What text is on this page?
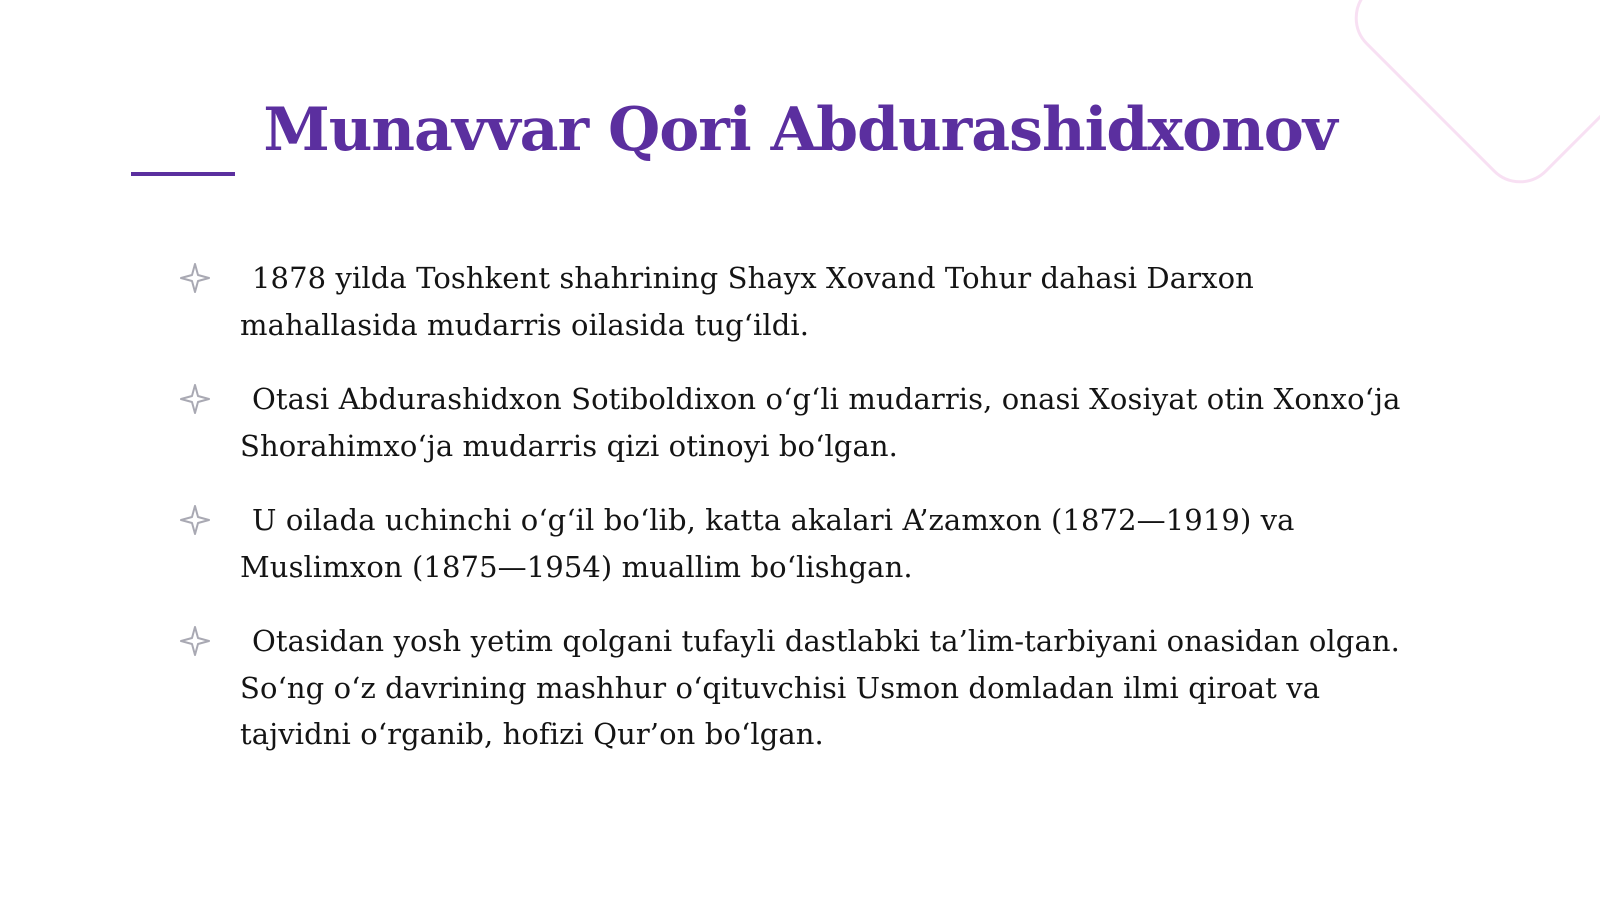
Munavvar Qori Abdurashidxonov
1878 yilda Toshkent shahrining Shayx Xovand Tohur dahasi Darxon mahallasida mudarris oilasida tug‘ildi.
Otasi Abdurashidxon Sotiboldixon o‘g‘li mudarris, onasi Xosiyat otin Xonxo‘ja Shorahimxo‘ja mudarris qizi otinoyi bo‘lgan.
U oilada uchinchi o‘g‘il bo‘lib, katta akalari A’zamxon (1872—1919) va Muslimxon (1875—1954) muallim bo‘lishgan.
Otasidan yosh yetim qolgani tufayli dastlabki ta’lim-tarbiyani onasidan olgan. So‘ng o‘z davrining mashhur o‘qituvchisi Usmon domladan ilmi qiroat va tajvidni o‘rganib, hofizi Qur’on bo‘lgan.
